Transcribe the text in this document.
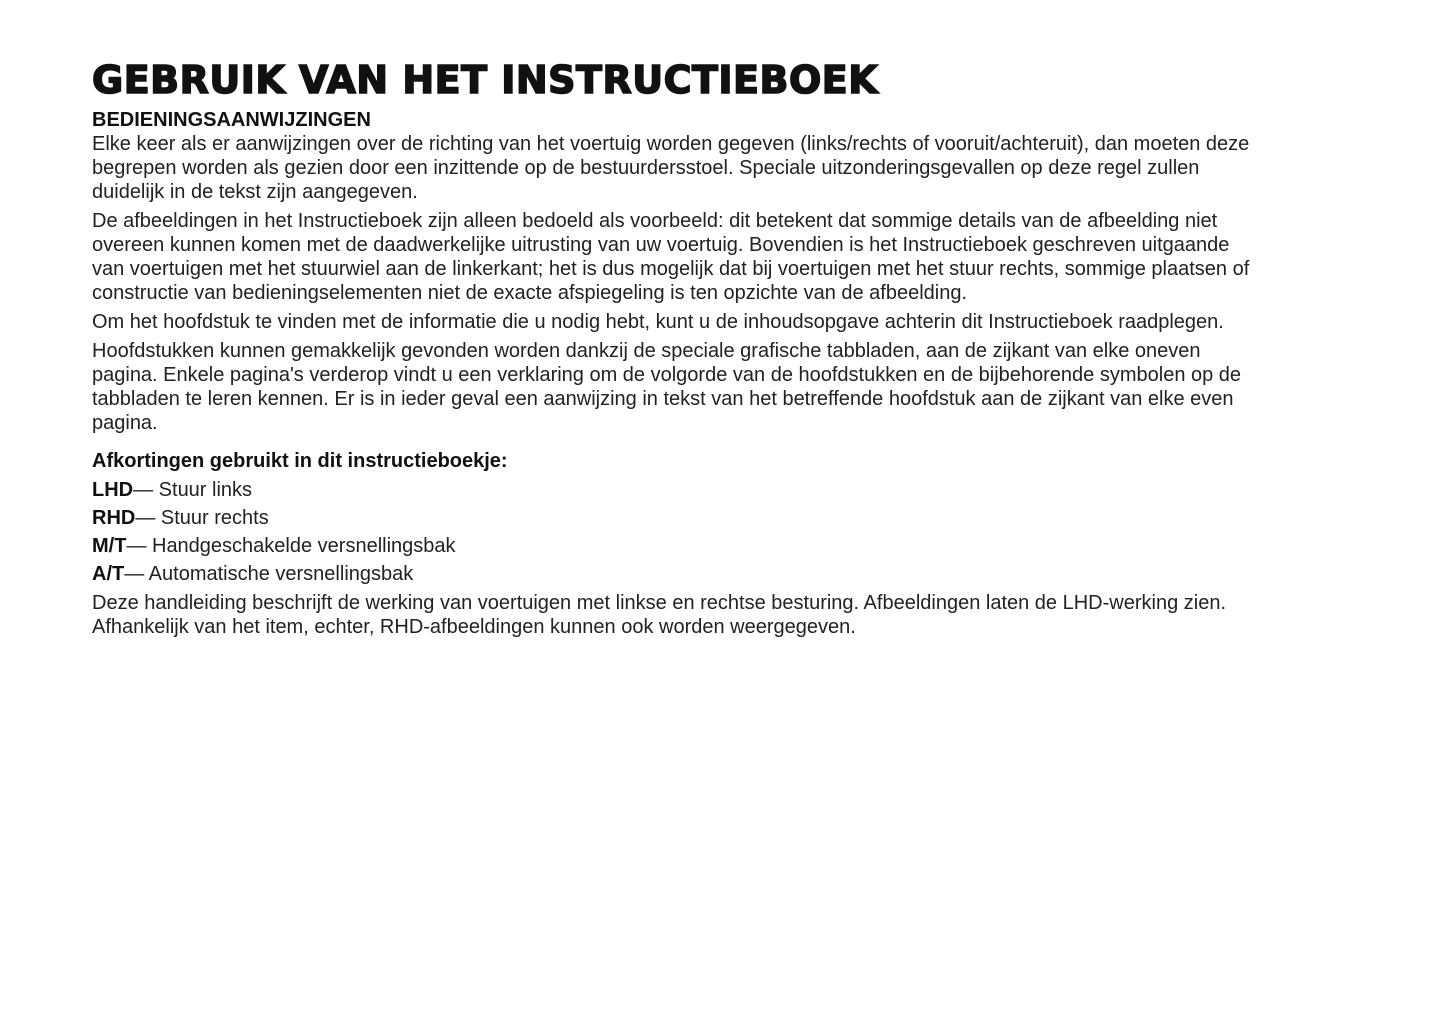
GEBRUIK VAN HET INSTRUCTIEBOEK
BEDIENINGSAANWIJZINGEN

Elke keer als er aanwijzingen over de richting van het voertuig worden gegeven (links/rechts of vooruit/achteruit), dan moeten deze begrepen worden als gezien door een inzittende op de bestuurdersstoel. Speciale uitzonderingsgevallen op deze regel zullen duidelijk in de tekst zijn aangegeven.

De afbeeldingen in het Instructieboek zijn alleen bedoeld als voorbeeld: dit betekent dat sommige details van de afbeelding niet overeen kunnen komen met de daadwerkelijke uitrusting van uw voertuig. Bovendien is het Instructieboek geschreven uitgaande van voertuigen met het stuurwiel aan de linkerkant; het is dus mogelijk dat bij voertuigen met het stuur rechts, sommige plaatsen of constructie van bedieningselementen niet de exacte afspiegeling is ten opzichte van de afbeelding.

Om het hoofdstuk te vinden met de informatie die u nodig hebt, kunt u de inhoudsopgave achterin dit Instructieboek raadplegen.

Hoofdstukken kunnen gemakkelijk gevonden worden dankzij de speciale grafische tabbladen, aan de zijkant van elke oneven pagina. Enkele pagina's verderop vindt u een verklaring om de volgorde van de hoofdstukken en de bijbehorende symbolen op de tabbladen te leren kennen. Er is in ieder geval een aanwijzing in tekst van het betreffende hoofdstuk aan de zijkant van elke even pagina.

Afkortingen gebruikt in dit instructieboekje:

LHD— Stuur links

RHD— Stuur rechts

M/T— Handgeschakelde versnellingsbak

A/T— Automatische versnellingsbak

Deze handleiding beschrijft de werking van voertuigen met linkse en rechtse besturing. Afbeeldingen laten de LHD-werking zien. Afhankelijk van het item, echter, RHD-afbeeldingen kunnen ook worden weergegeven.
